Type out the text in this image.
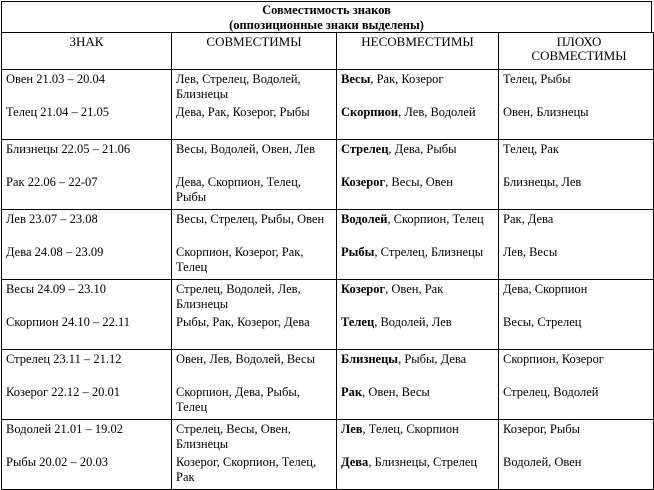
Совместимость знаков
(оппозиционные знаки выделены)
ЗНАК	СОВМЕСТИМЫ	НЕСОВМЕСТИМЫ	ПЛОХО СОВМЕСТИМЫ
Овен 21.03 – 20.04	Лев, Стрелец, Водолей, Близнецы	Весы, Рак, Козерог	Телец, Рыбы
Телец 21.04 – 21.05	Дева, Рак, Козерог, Рыбы	Скорпион, Лев, Водолей	Овен, Близнецы
Близнецы 22.05 – 21.06	Весы, Водолей, Овен, Лев	Стрелец, Дева, Рыбы	Телец, Рак
Рак 22.06 – 22-07	Дева, Скорпион, Телец, Рыбы	Козерог, Весы, Овен	Близнецы, Лев
Лев 23.07 – 23.08	Весы, Стрелец, Рыбы, Овен	Водолей, Скорпион, Телец	Рак, Дева
Дева 24.08 – 23.09	Скорпион, Козерог, Рак, Телец	Рыбы, Стрелец, Близнецы	Лев, Весы
Весы 24.09 – 23.10	Стрелец, Водолей, Лев, Близнецы	Козерог, Овен, Рак	Дева, Скорпион
Скорпион 24.10 – 22.11	Рыбы, Рак, Козерог, Дева	Телец, Водолей, Лев	Весы, Стрелец
Стрелец 23.11 – 21.12	Овен, Лев, Водолей, Весы	Близнецы, Рыбы, Дева	Скорпион, Козерог
Козерог 22.12 – 20.01	Скорпион, Дева, Рыбы, Телец	Рак, Овен, Весы	Стрелец, Водолей
Водолей 21.01 – 19.02	Стрелец, Весы, Овен, Близнецы	Лев, Телец, Скорпион	Козерог, Рыбы
Рыбы 20.02 – 20.03	Козерог, Скорпион, Телец, Рак	Дева, Близнецы, Стрелец	Водолей, Овен
